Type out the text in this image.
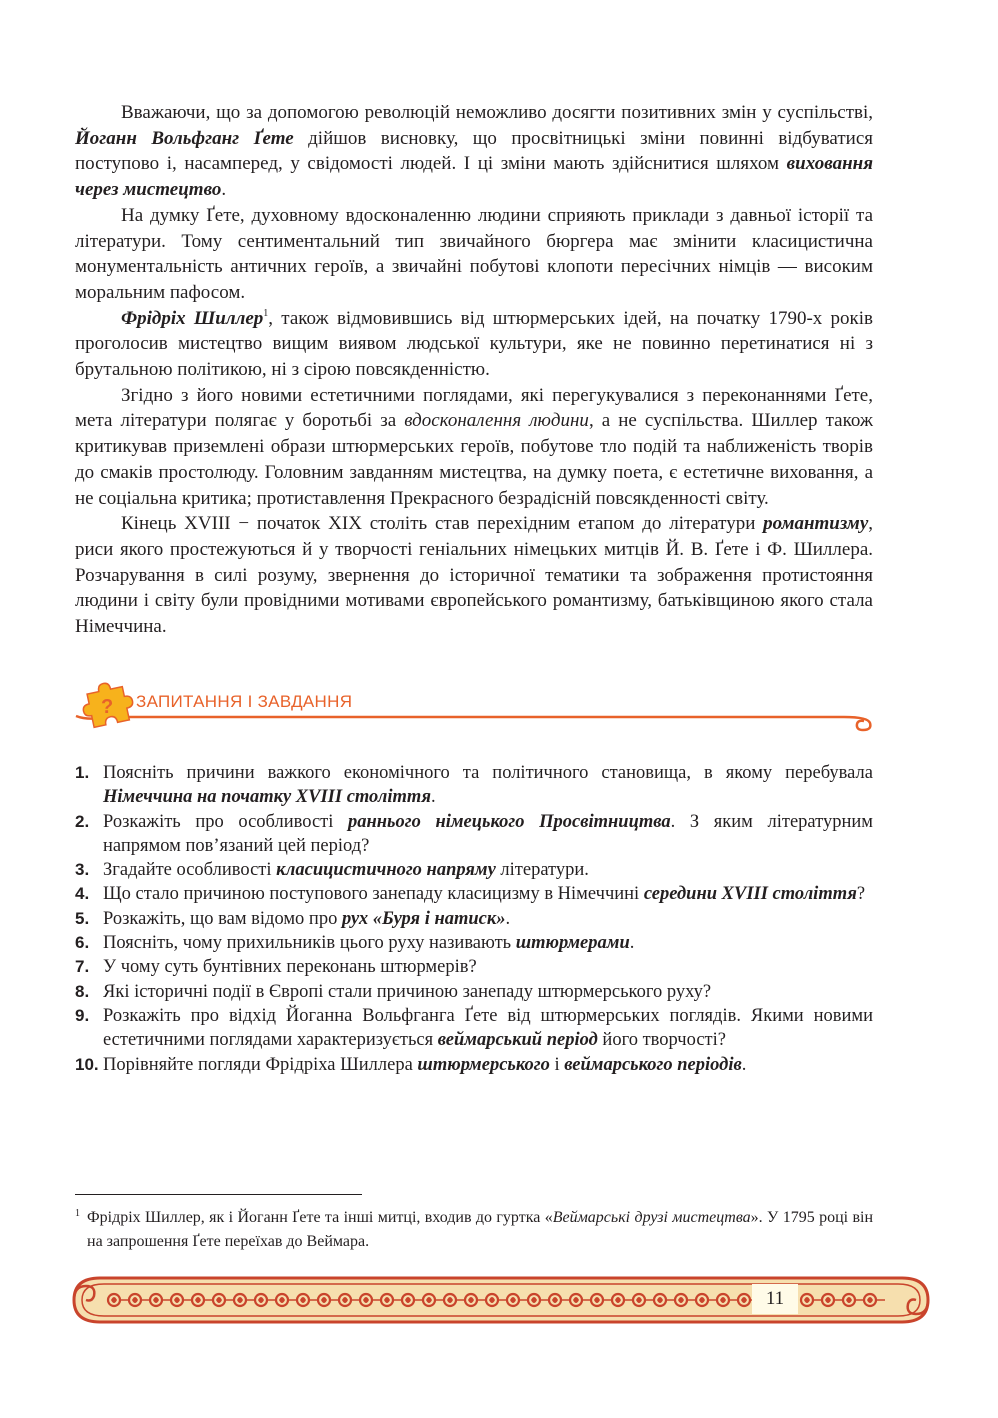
Вважаючи, що за допомогою революцій неможливо досягти позитивних змін у суспільстві, Йоганн Вольфганг Ґете дійшов висновку, що просвітницькі зміни повинні відбуватися поступово і, насамперед, у свідомості людей. І ці зміни мають здійснитися шляхом виховання через мистецтво.

На думку Ґете, духовному вдосконаленню людини сприяють приклади з давньої історії та літератури. Тому сентиментальний тип звичайного бюргера має змінити класицистична монументальність античних героїв, а звичайні побутові клопоти пересічних німців — високим моральним пафосом.

Фрідріх Шиллер$^1$, також відмовившись від штюрмерських ідей, на початку 1790-х років проголосив мистецтво вищим виявом людської культури, яке не повинно перетинатися ні з брутальною політикою, ні з сірою повсякденністю.

Згідно з його новими естетичними поглядами, які перегукувалися з переконаннями Ґете, мета літератури полягає у боротьбі за вдосконалення людини, а не суспільства. Шиллер також критикував приземлені образи штюрмерських героїв, побутове тло подій та наближеність творів до смаків простолюду. Головним завданням мистецтва, на думку поета, є естетичне виховання, а не соціальна критика; протиставлення Прекрасного безрадісній повсякденності світу.

Кінець XVIII − початок XIX століть став перехідним етапом до літератури романтизму, риси якого простежуються й у творчості геніальних німецьких митців Й. В. Ґете і Ф. Шиллера. Розчарування в силі розуму, звернення до історичної тематики та зображення протистояння людини і світу були провідними мотивами європейського романтизму, батьківщиною якого стала Німеччина.

? ЗАПИТАННЯ І ЗАВДАННЯ
1. Поясніть причини важкого економічного та політичного становища, в якому перебувала Німеччина на початку XVIII століття.
2. Розкажіть про особливості раннього німецького Просвітництва. З яким літературним напрямом пов’язаний цей період?
3. Згадайте особливості класицистичного напряму літератури.
4. Що стало причиною поступового занепаду класицизму в Німеччині середини XVIII століття?
5. Розкажіть, що вам відомо про рух «Буря і натиск».
6. Поясніть, чому прихильників цього руху називають штюрмерами.
7. У чому суть бунтівних переконань штюрмерів?
8. Які історичні події в Європі стали причиною занепаду штюрмерського руху?
9. Розкажіть про відхід Йоганна Вольфганга Ґете від штюрмерських поглядів. Якими новими естетичними поглядами характеризується веймарський період його творчості?
10. Порівняйте погляди Фрідріха Шиллера штюрмерського і веймарського періодів.
1 Фрідріх Шиллер, як і Йоганн Ґете та інші митці, входив до гуртка «Веймарські друзі мистецтва». У 1795 році він на запрошення Ґете переїхав до Веймара.
11
